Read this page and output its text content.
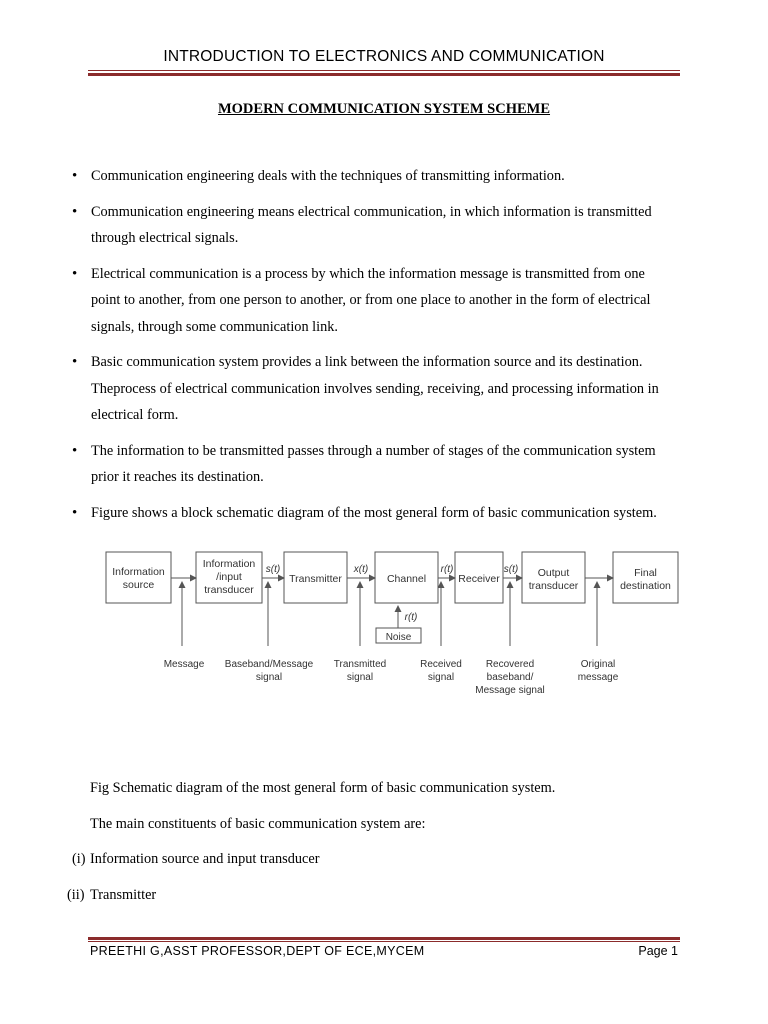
INTRODUCTION TO ELECTRONICS AND COMMUNICATION
MODERN COMMUNICATION SYSTEM SCHEME
• Communication engineering deals with the techniques of transmitting information.
• Communication engineering means electrical communication, in which information is transmitted through electrical signals.
• Electrical communication is a process by which the information message is transmitted from one point to another, from one person to another, or from one place to another in the form of electrical signals, through some communication link.
• Basic communication system provides a link between the information source and its destination. Theprocess of electrical communication involves sending, receiving, and processing information in electrical form.
• The information to be transmitted passes through a number of stages of the communication system prior it reaches its destination.
• Figure shows a block schematic diagram of the most general form of basic communication system.
Information
source
Information
/input
transducer
Transmitter	Channel	Receiver	Output
transducer
Final
destination
Noise
s(t)	x(t)	r(t)	s(t)
r(t)
Message Baseband/Message
signal
Transmitted
signal
Received
signal
Recovered
baseband/
Message signal
Original
message
Fig Schematic diagram of the most general form of basic communication system.
The main constituents of basic communication system are:
(i) Information source and input transducer
(ii) Transmitter
PREETHI G,ASST PROFESSOR,DEPT OF ECE,MYCEM	Page 1
